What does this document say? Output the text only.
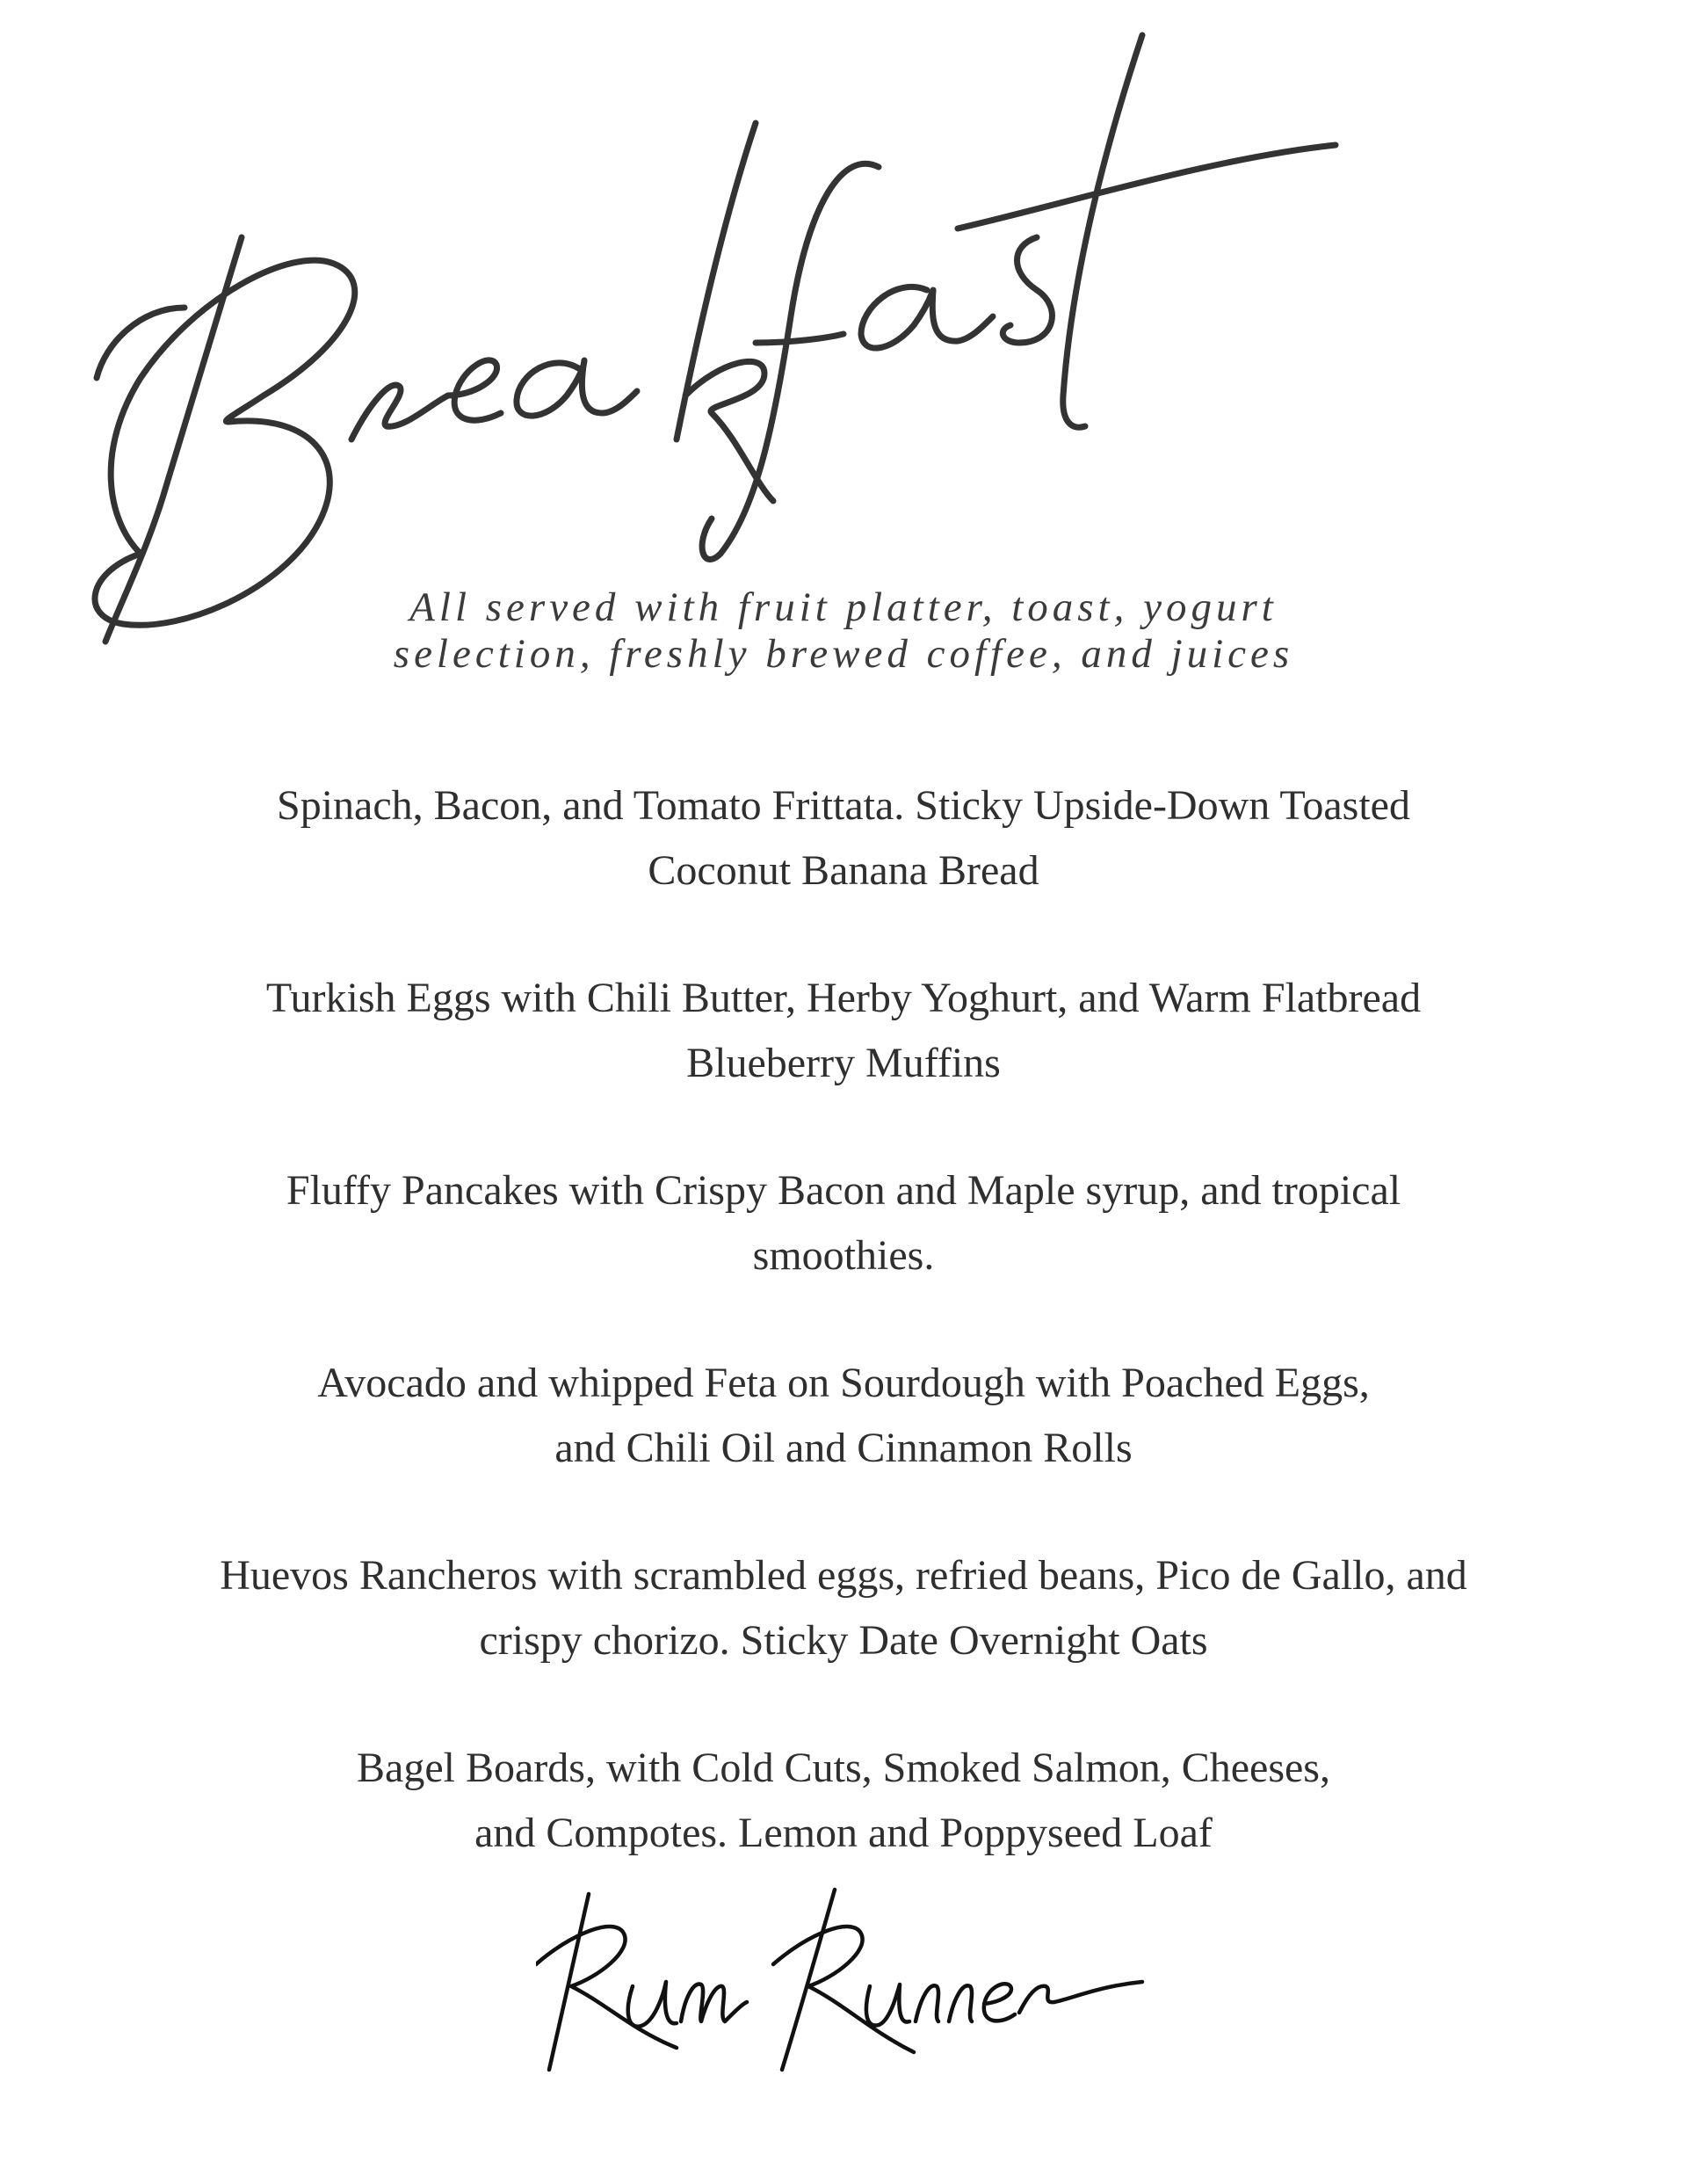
All served with fruit platter, toast, yogurt
selection, freshly brewed coffee, and juices
Spinach, Bacon, and Tomato Frittata. Sticky Upside-Down Toasted
Coconut Banana Bread
Turkish Eggs with Chili Butter, Herby Yoghurt, and Warm Flatbread
Blueberry Muffins
Fluffy Pancakes with Crispy Bacon and Maple syrup, and tropical
smoothies.
Avocado and whipped Feta on Sourdough with Poached Eggs,
and Chili Oil and Cinnamon Rolls
Huevos Rancheros with scrambled eggs, refried beans, Pico de Gallo, and
crispy chorizo. Sticky Date Overnight Oats
Bagel Boards, with Cold Cuts, Smoked Salmon, Cheeses,
and Compotes. Lemon and Poppyseed Loaf
